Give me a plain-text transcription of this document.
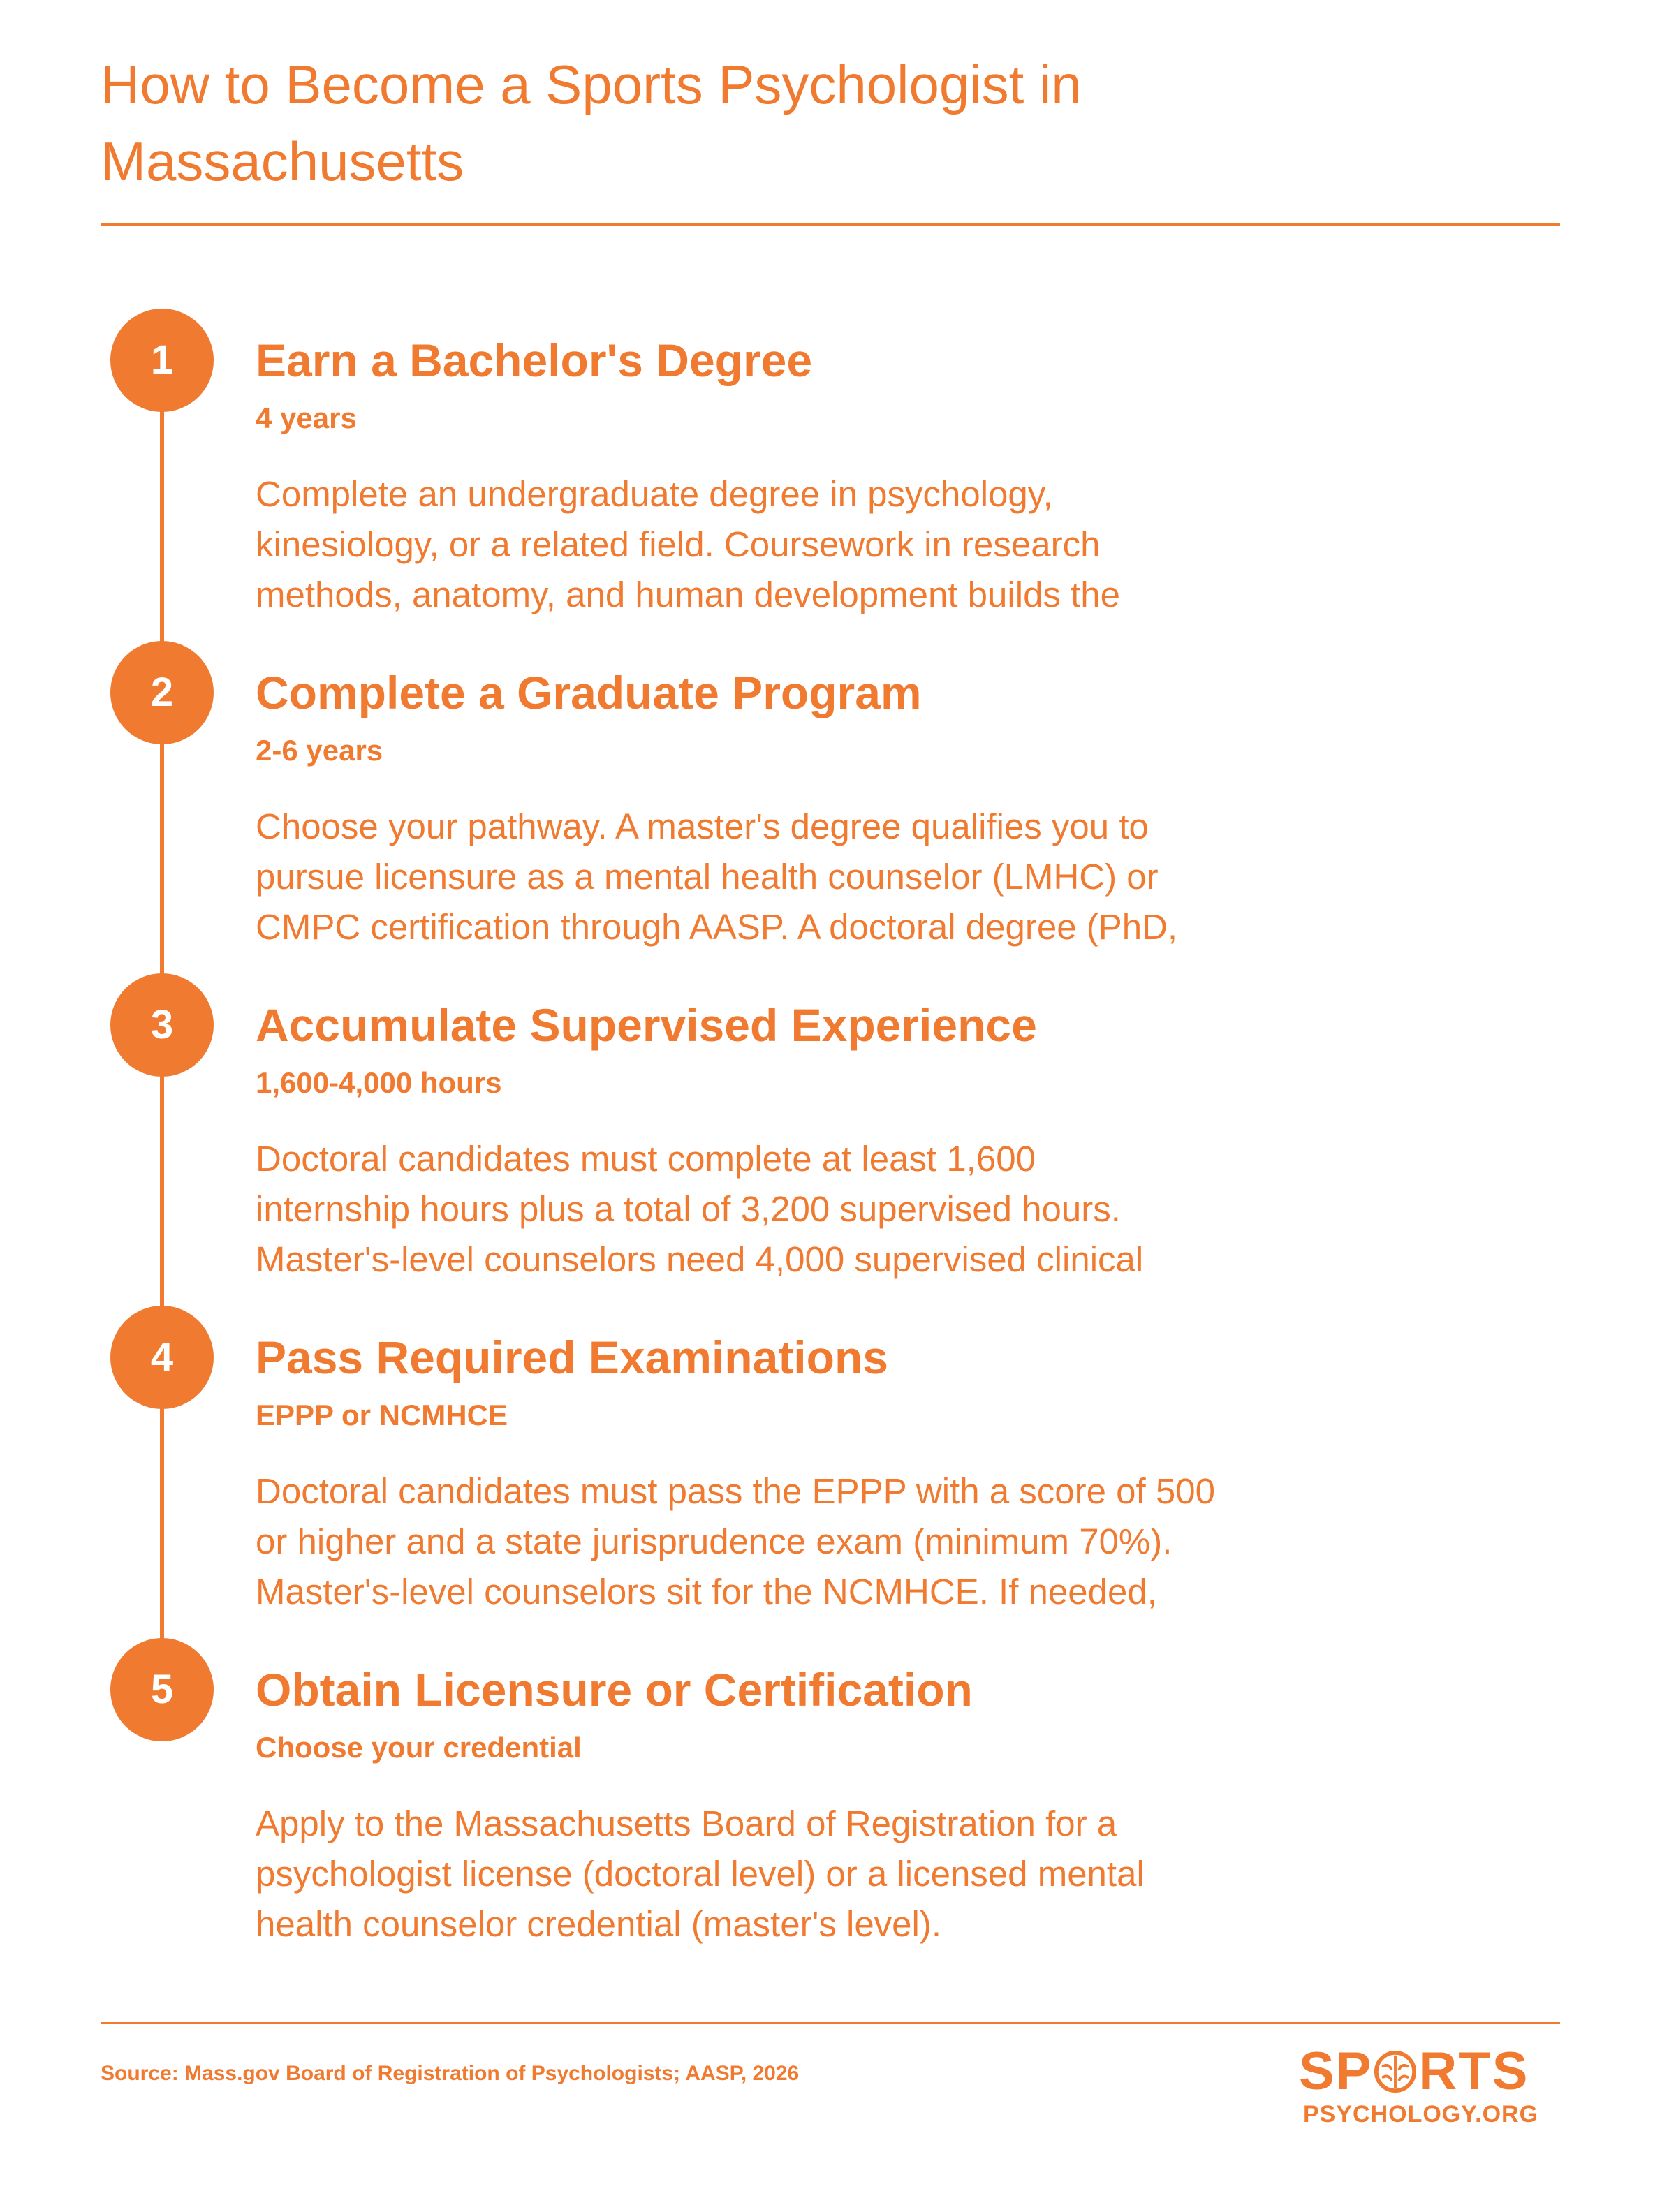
How to Become a Sports Psychologist in Massachusetts
1	Earn a Bachelor's Degree
4 years
Complete an undergraduate degree in psychology,
kinesiology, or a related field. Coursework in research
methods, anatomy, and human development builds the
2	Complete a Graduate Program
2-6 years
Choose your pathway. A master's degree qualifies you to
pursue licensure as a mental health counselor (LMHC) or
CMPC certification through AASP. A doctoral degree (PhD,
3	Accumulate Supervised Experience
1,600-4,000 hours
Doctoral candidates must complete at least 1,600
internship hours plus a total of 3,200 supervised hours.
Master's-level counselors need 4,000 supervised clinical
4	Pass Required Examinations
EPPP or NCMHCE
Doctoral candidates must pass the EPPP with a score of 500
or higher and a state jurisprudence exam (minimum 70%).
Master's-level counselors sit for the NCMHCE. If needed,
5	Obtain Licensure or Certification
Choose your credential
Apply to the Massachusetts Board of Registration for a
psychologist license (doctoral level) or a licensed mental
health counselor credential (master's level).
Source: Mass.gov Board of Registration of Psychologists; AASP, 2026	SP RTS
PSYCHOLOGY.ORG
